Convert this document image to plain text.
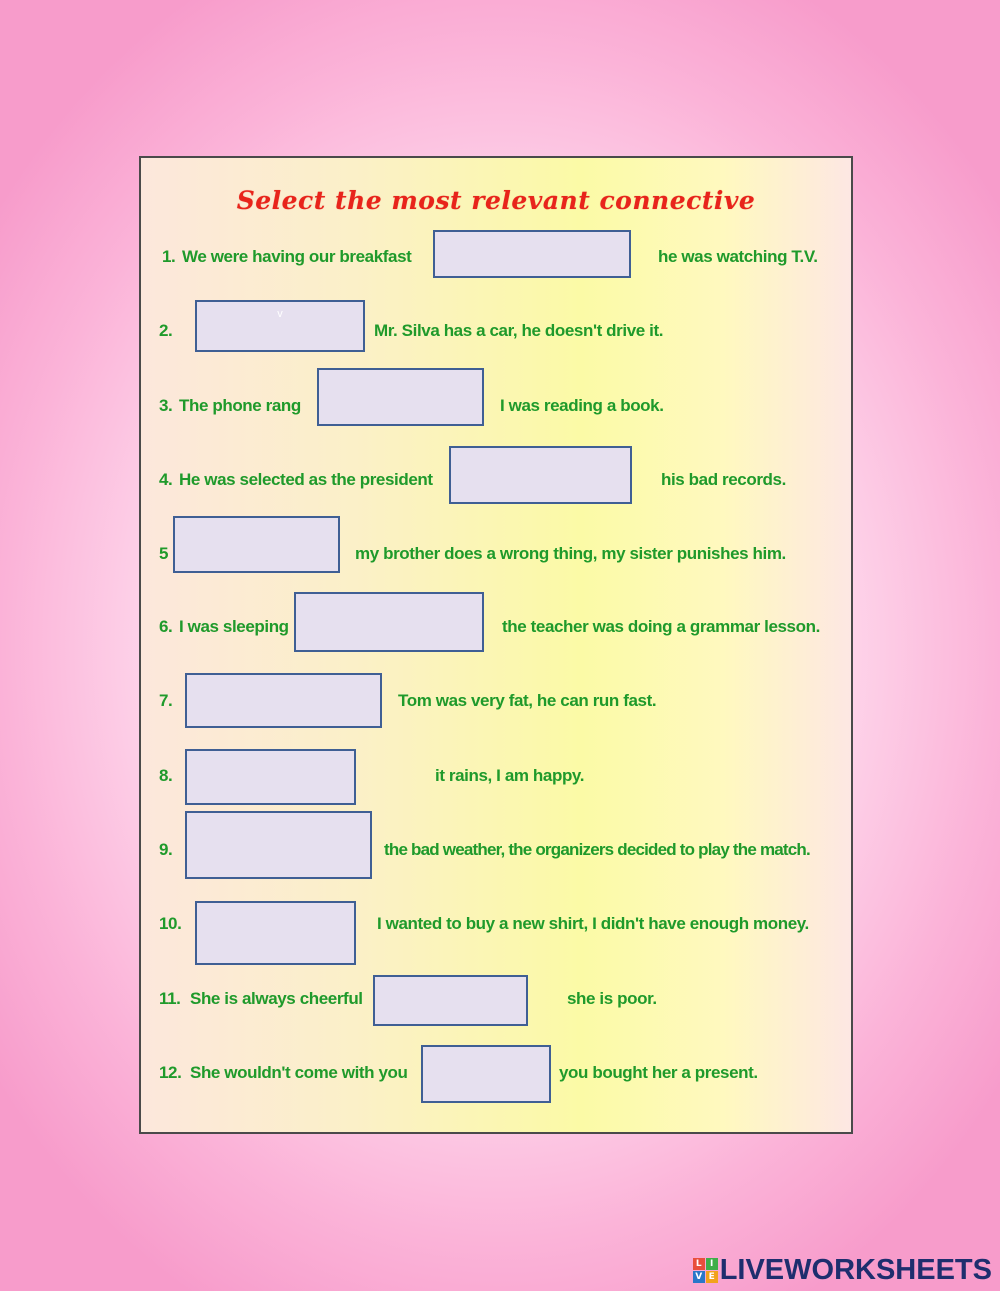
Select the most relevant connective
1. We were having our breakfast	he was watching T.V.
2.
v
Mr. Silva has a car, he doesn't drive it.
3. The phone rang	I was reading a book.
4. He was selected as the president	his bad records.
5	my brother does a wrong thing, my sister punishes him.
6. I was sleeping	the teacher was doing a grammar lesson.
7.	Tom was very fat, he can run fast.
8.	it rains, I am happy.
9.	the bad weather, the organizers decided to play the match.
10.	I wanted to buy a new shirt, I didn't have enough money.
11. She is always cheerful	she is poor.
12. She wouldn't come with you	you bought her a present.
L I
V E LIVEWORKSHEETS
